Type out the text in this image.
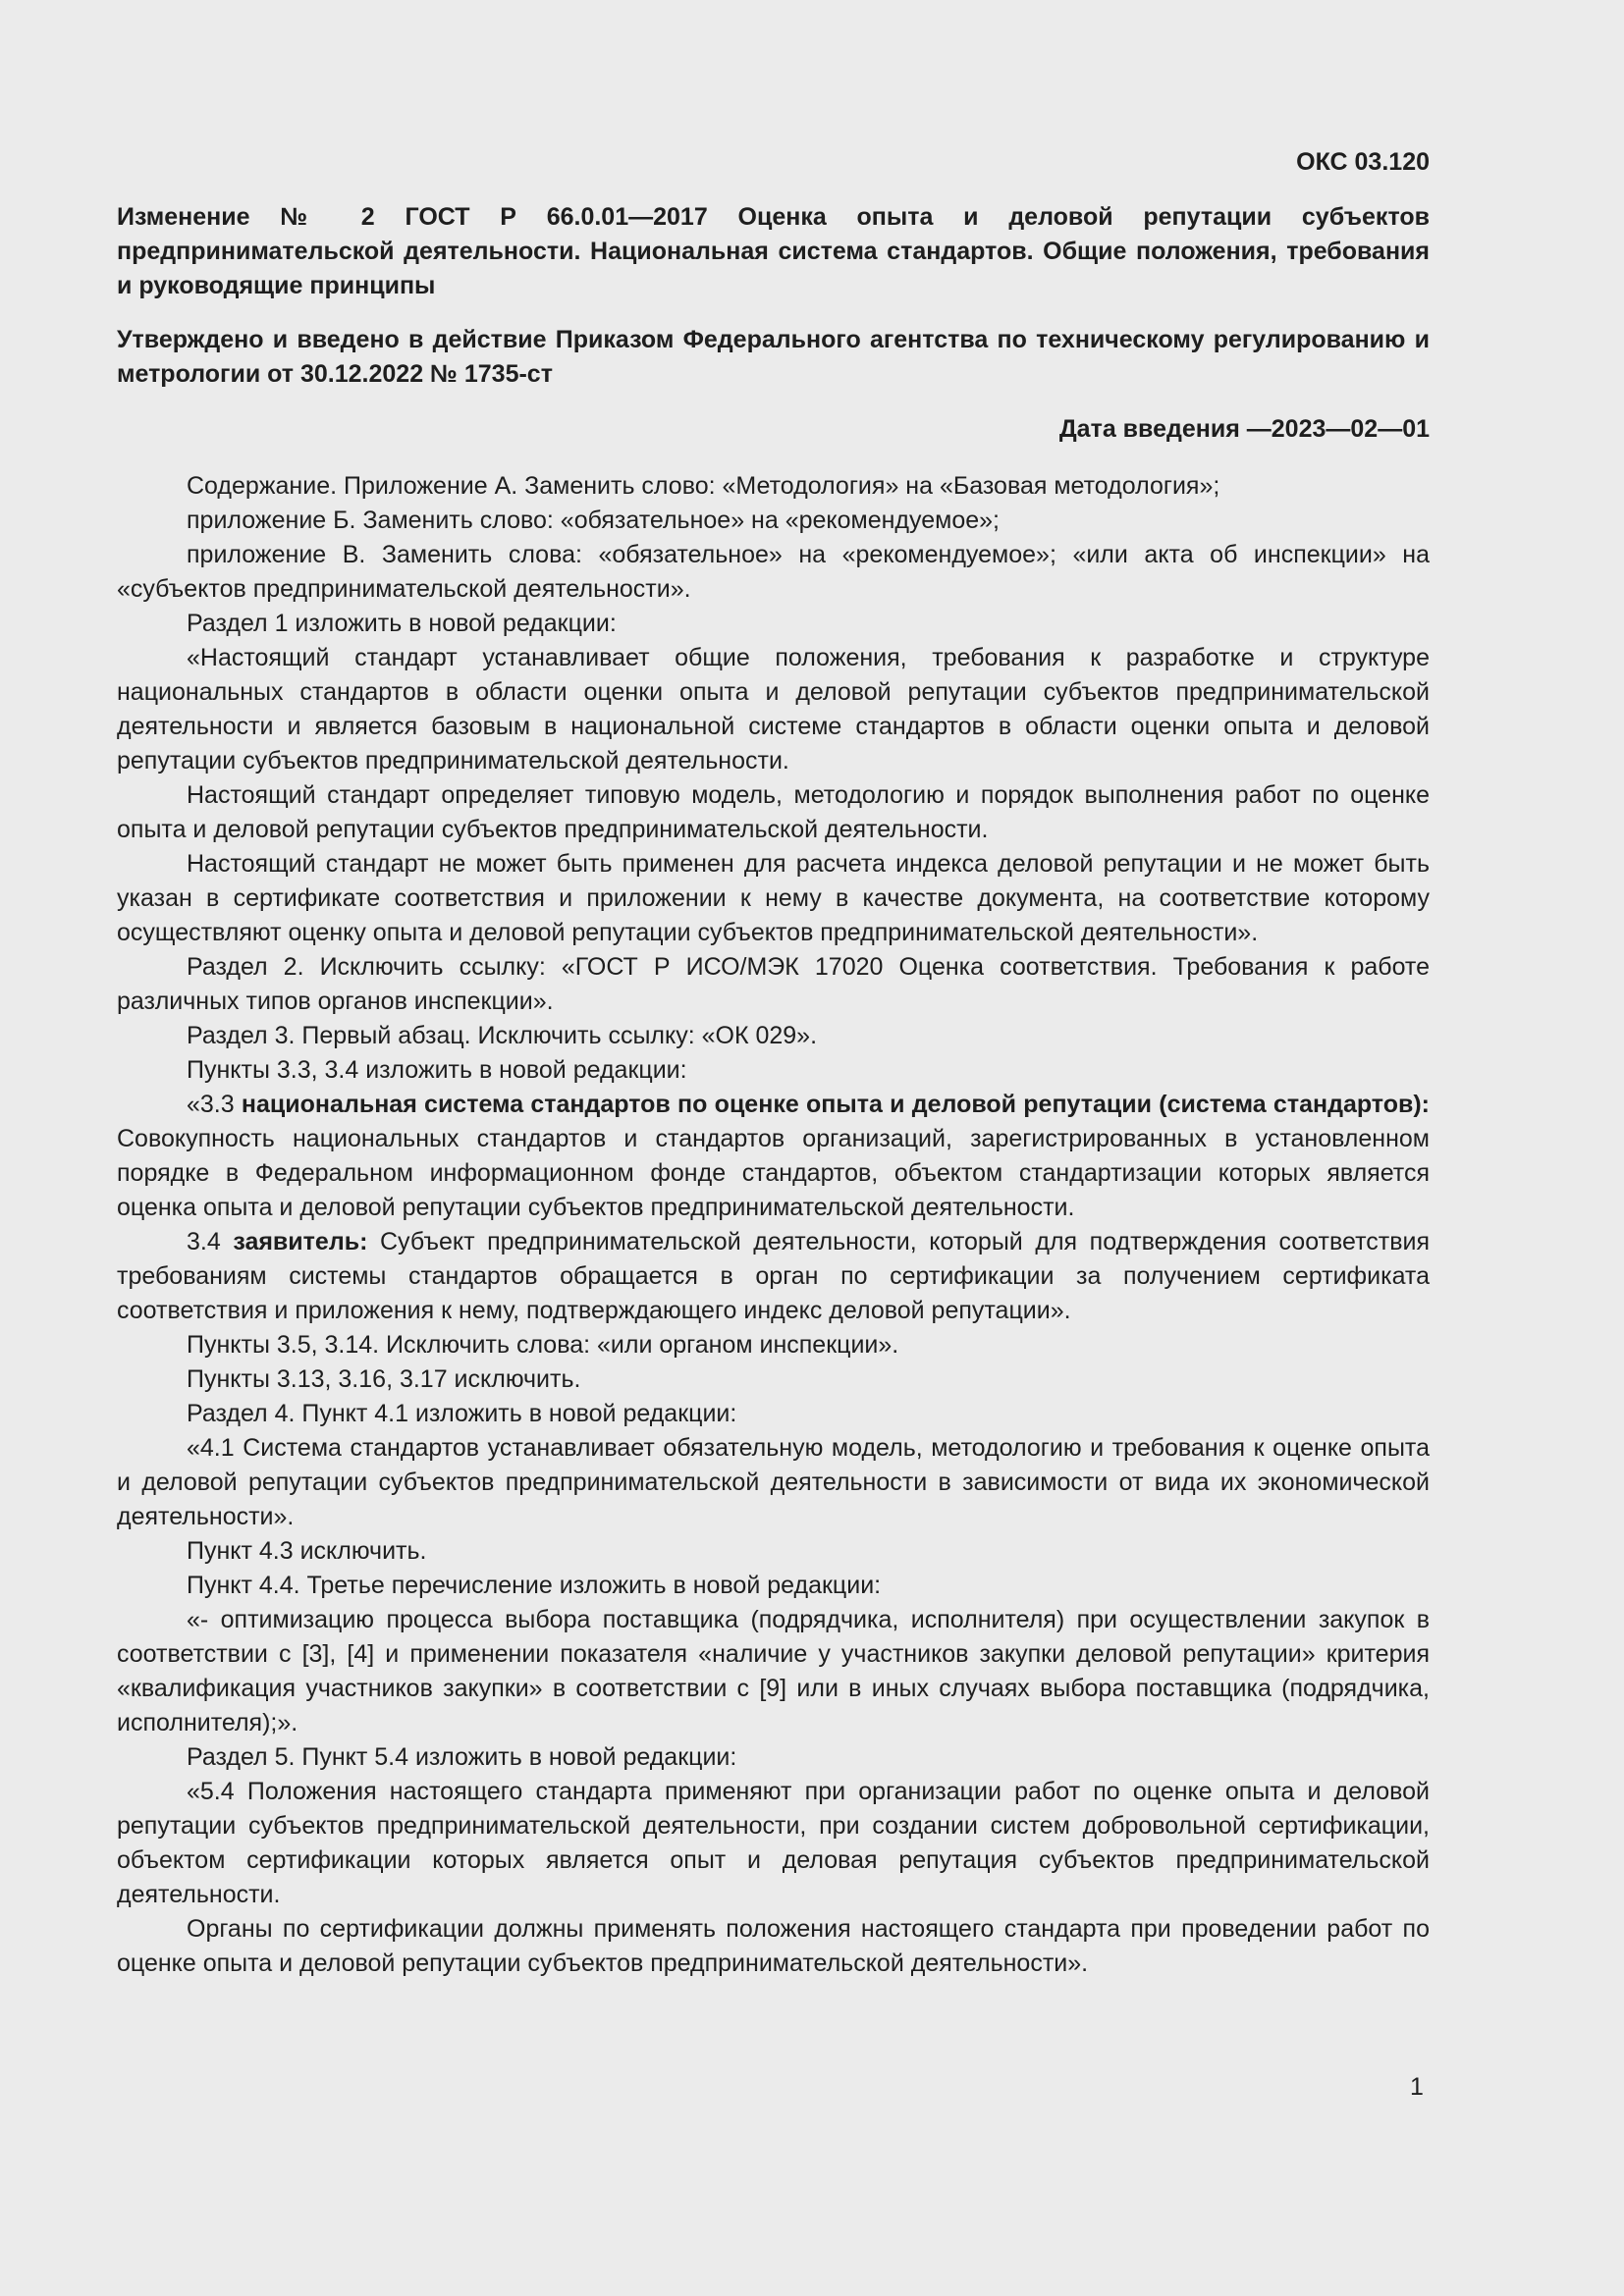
ОКС 03.120

Изменение № 2 ГОСТ Р 66.0.01—2017 Оценка опыта и деловой репутации субъектов предпринимательской деятельности. Национальная система стандартов. Общие положения, требования и руководящие принципы

Утверждено и введено в действие Приказом Федерального агентства по техническому регулированию и метрологии от 30.12.2022 № 1735-ст

Дата введения —2023—02—01

Содержание. Приложение А. Заменить слово: «Методология» на «Базовая методология»;

приложение Б. Заменить слово: «обязательное» на «рекомендуемое»;

приложение В. Заменить слова: «обязательное» на «рекомендуемое»; «или акта об инспекции» на «субъектов предпринимательской деятельности».

Раздел 1 изложить в новой редакции:

«Настоящий стандарт устанавливает общие положения, требования к разработке и структуре национальных стандартов в области оценки опыта и деловой репутации субъектов предпринимательской деятельности и является базовым в национальной системе стандартов в области оценки опыта и деловой репутации субъектов предпринимательской деятельности.

Настоящий стандарт определяет типовую модель, методологию и порядок выполнения работ по оценке опыта и деловой репутации субъектов предпринимательской деятельности.

Настоящий стандарт не может быть применен для расчета индекса деловой репутации и не может быть указан в сертификате соответствия и приложении к нему в качестве документа, на соответствие которому осуществляют оценку опыта и деловой репутации субъектов предпринимательской деятельности».

Раздел 2. Исключить ссылку: «ГОСТ Р ИСО/МЭК 17020 Оценка соответствия. Требования к работе различных типов органов инспекции».

Раздел 3. Первый абзац. Исключить ссылку: «ОК 029».

Пункты 3.3, 3.4 изложить в новой редакции:

«3.3 национальная система стандартов по оценке опыта и деловой репутации (система стандартов): Совокупность национальных стандартов и стандартов организаций, зарегистрированных в установленном порядке в Федеральном информационном фонде стандартов, объектом стандартизации которых является оценка опыта и деловой репутации субъектов предпринимательской деятельности.

3.4 заявитель: Субъект предпринимательской деятельности, который для подтверждения соответствия требованиям системы стандартов обращается в орган по сертификации за получением сертификата соответствия и приложения к нему, подтверждающего индекс деловой репутации».

Пункты 3.5, 3.14. Исключить слова: «или органом инспекции».

Пункты 3.13, 3.16, 3.17 исключить.

Раздел 4. Пункт 4.1 изложить в новой редакции:

«4.1 Система стандартов устанавливает обязательную модель, методологию и требования к оценке опыта и деловой репутации субъектов предпринимательской деятельности в зависимости от вида их экономической деятельности».

Пункт 4.3 исключить.

Пункт 4.4. Третье перечисление изложить в новой редакции:

«- оптимизацию процесса выбора поставщика (подрядчика, исполнителя) при осуществлении закупок в соответствии с [3], [4] и применении показателя «наличие у участников закупки деловой репутации» критерия «квалификация участников закупки» в соответствии с [9] или в иных случаях выбора поставщика (подрядчика, исполнителя);».

Раздел 5. Пункт 5.4 изложить в новой редакции:

«5.4 Положения настоящего стандарта применяют при организации работ по оценке опыта и деловой репутации субъектов предпринимательской деятельности, при создании систем добровольной сертификации, объектом сертификации которых является опыт и деловая репутация субъектов предпринимательской деятельности.

Органы по сертификации должны применять положения настоящего стандарта при проведении работ по оценке опыта и деловой репутации субъектов предпринимательской деятельности».

1
